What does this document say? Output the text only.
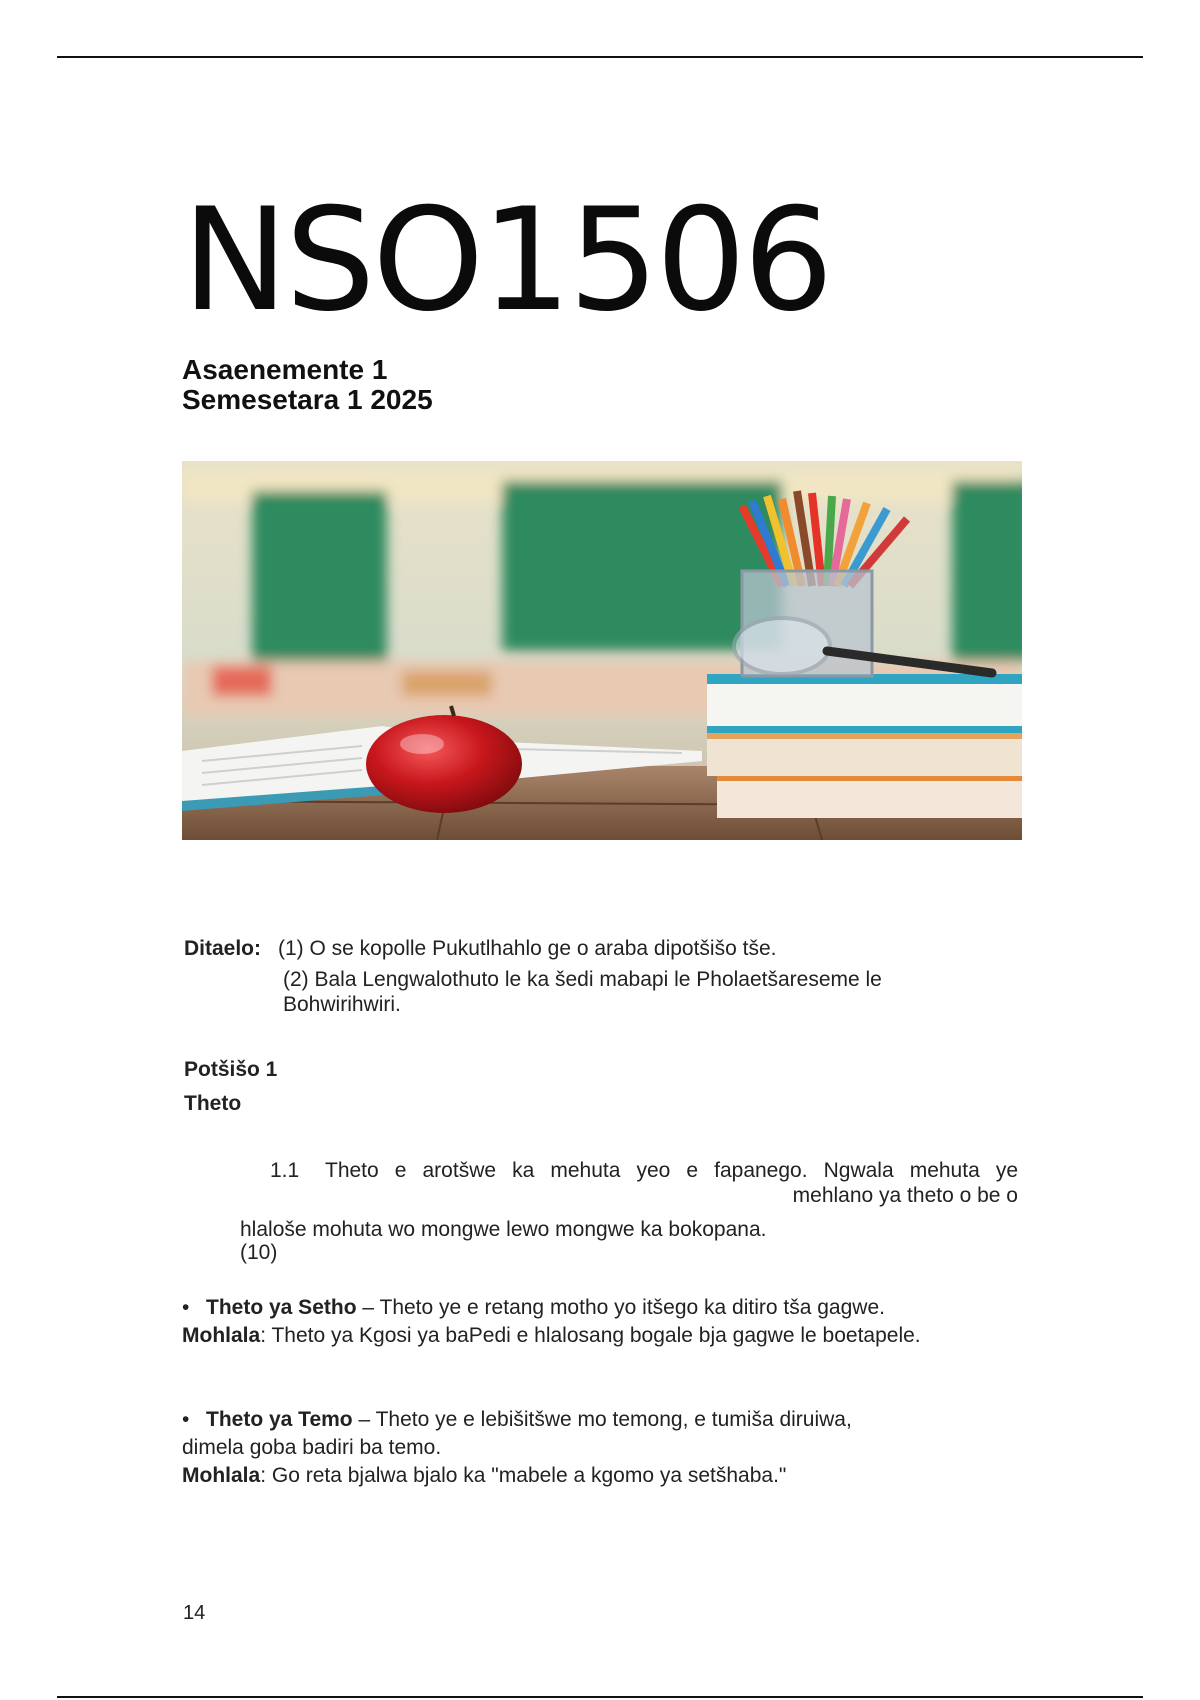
NSO1506
Asaenemente 1
Semesetara 1 2025
Ditaelo: (1) O se kopolle Pukutlhahlo ge o araba dipotšišo tše.
(2) Bala Lengwalothuto le ka šedi mabapi le Pholaetšareseme le Bohwirihwiri.
Potšišo 1
Theto
1.1 Theto e arotšwe ka mehuta yeo e fapanego. Ngwala mehuta ye
mehlano ya theto o be o
hlaloše mohuta wo mongwe lewo mongwe ka bokopana.
(10)
• Theto ya Setho – Theto ye e retang motho yo itšego ka ditiro tša gagwe.
Mohlala: Theto ya Kgosi ya baPedi e hlalosang bogale bja gagwe le boetapele.
• Theto ya Temo – Theto ye e lebišitšwe mo temong, e tumiša diruiwa,
dimela goba badiri ba temo.
Mohlala: Go reta bjalwa bjalo ka "mabele a kgomo ya setšhaba."
14
